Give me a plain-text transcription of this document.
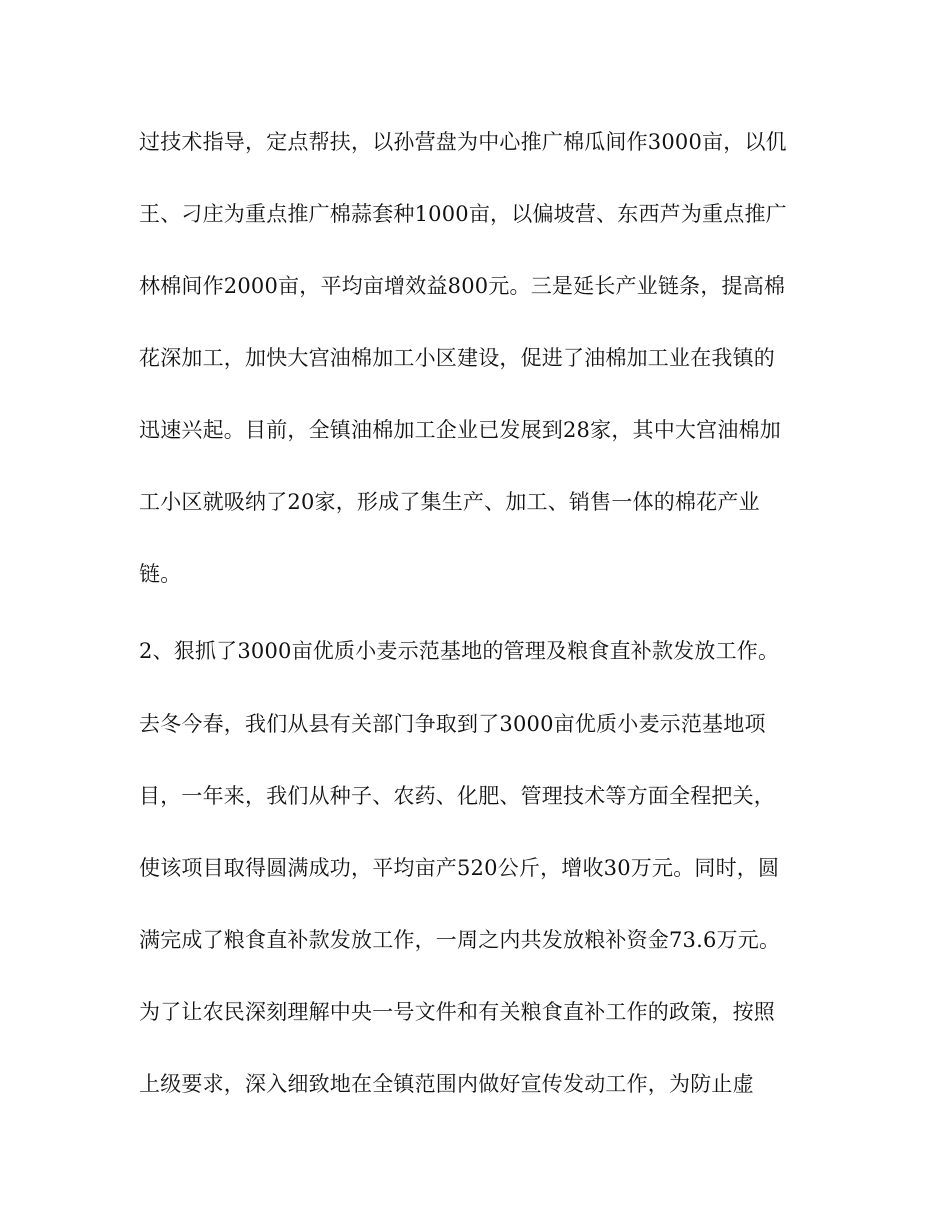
过技术指导，定点帮扶，以孙营盘为中心推广棉瓜间作3000亩，以仉
王、刁庄为重点推广棉蒜套种1000亩，以偏坡营、东西芦为重点推广
林棉间作2000亩，平均亩增效益800元。三是延长产业链条，提高棉
花深加工，加快大宫油棉加工小区建设，促进了油棉加工业在我镇的
迅速兴起。目前，全镇油棉加工企业已发展到28家，其中大宫油棉加
工小区就吸纳了20家，形成了集生产、加工、销售一体的棉花产业
链。
2、狠抓了3000亩优质小麦示范基地的管理及粮食直补款发放工作。
去冬今春，我们从县有关部门争取到了3000亩优质小麦示范基地项
目，一年来，我们从种子、农药、化肥、管理技术等方面全程把关，
使该项目取得圆满成功，平均亩产520公斤，增收30万元。同时，圆
满完成了粮食直补款发放工作，一周之内共发放粮补资金73.6万元。
为了让农民深刻理解中央一号文件和有关粮食直补工作的政策，按照
上级要求，深入细致地在全镇范围内做好宣传发动工作，为防止虚
